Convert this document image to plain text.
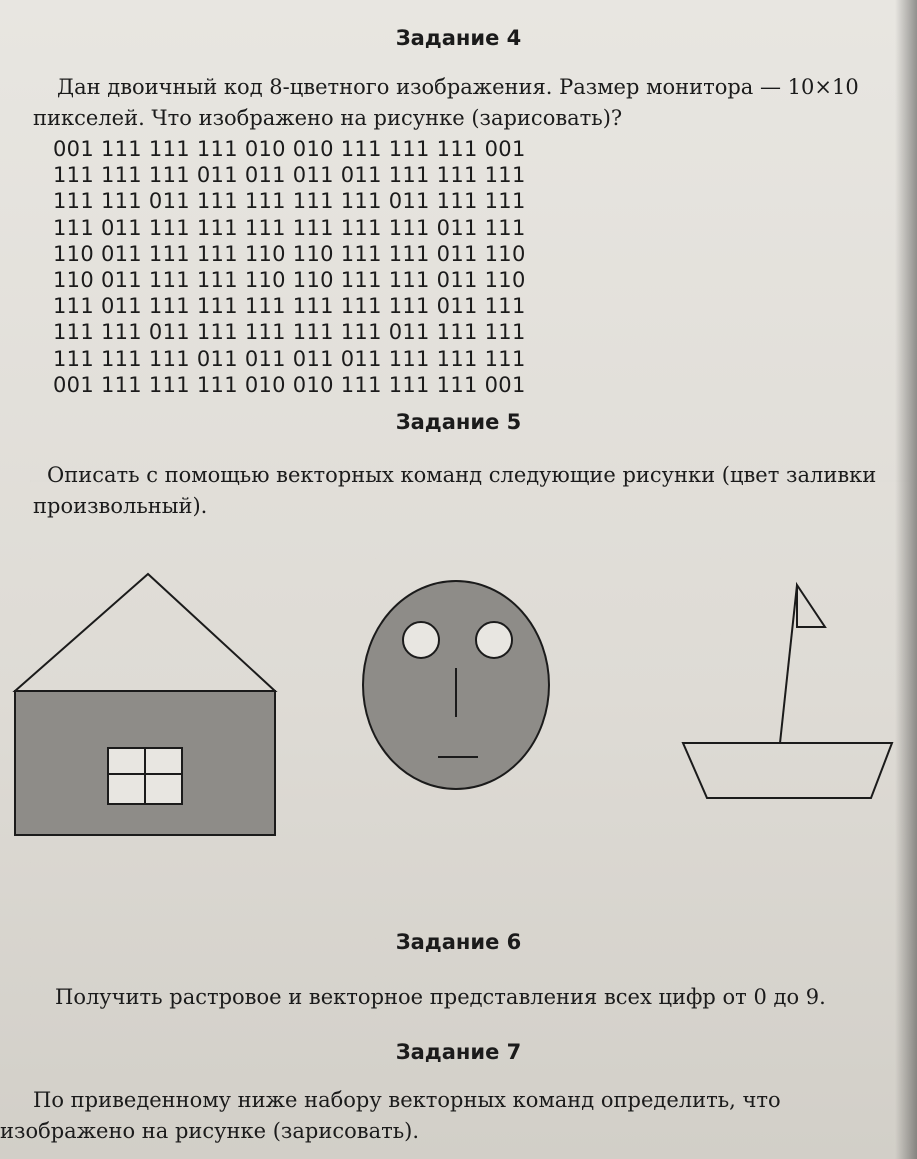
Задание 4

Дан двоичный код 8-цветного изображения. Размер монитора — 10×10 пикселей. Что изображено на рисунке (зарисовать)?

001 111 111 111 010 010 111 111 111 001
111 111 111 011 011 011 011 111 111 111
111 111 011 111 111 111 111 011 111 111
111 011 111 111 111 111 111 111 011 111
110 011 111 111 110 110 111 111 011 110
110 011 111 111 110 110 111 111 011 110
111 011 111 111 111 111 111 111 011 111
111 111 011 111 111 111 111 011 111 111
111 111 111 011 011 011 011 111 111 111
001 111 111 111 010 010 111 111 111 001
Задание 5

Описать с помощью векторных команд следующие рисунки (цвет заливки произвольный).

Задание 6

Получить растровое и векторное представления всех цифр от 0 до 9.

Задание 7

По приведенному ниже набору векторных команд определить, что изображено на рисунке (зарисовать).
